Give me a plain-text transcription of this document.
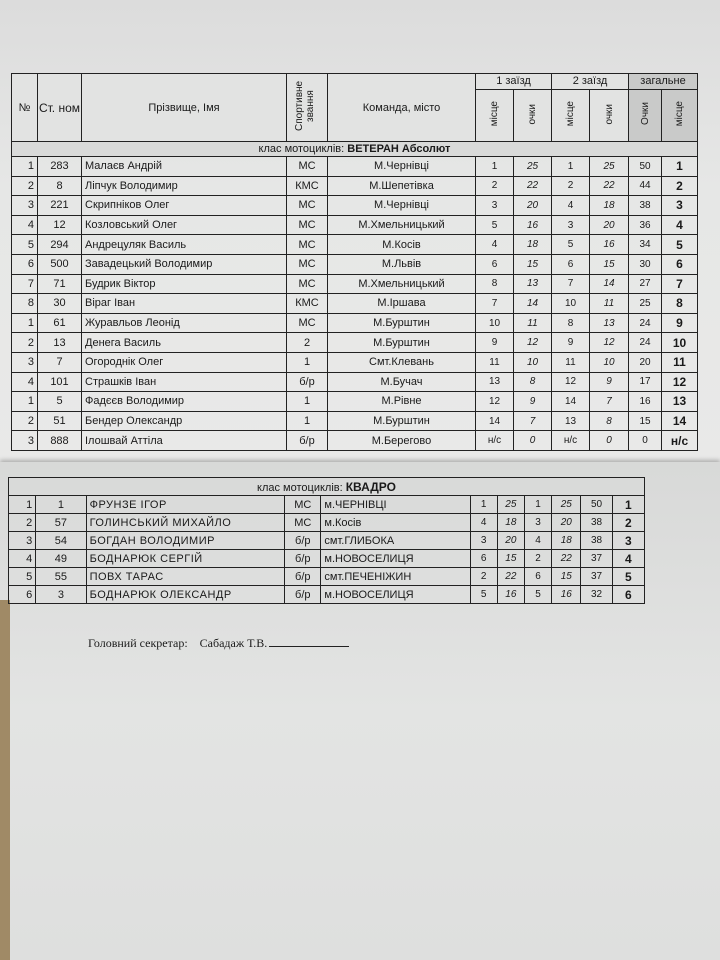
№	Ст. ном	Прізвище, Імя	Спортивне звання	Команда, місто	1 заїзд		2 заїзд		загальне	
					місце	очки	місце	очки	Очки	місце
клас мотоциклів: ВЕТЕРАН Абсолют										
1	283	Малаєв Андрій	МС	М.Чернівці	1	25	1	25	50	1
2	8	Ліпчук Володимир	КМС	М.Шепетівка	2	22	2	22	44	2
3	221	Скрипніков Олег	МС	М.Чернівці	3	20	4	18	38	3
4	12	Козловський Олег	МС	М.Хмельницький	5	16	3	20	36	4
5	294	Андрецуляк Василь	МС	М.Косів	4	18	5	16	34	5
6	500	Завадецький Володимир	МС	М.Львів	6	15	6	15	30	6
7	71	Будрик Віктор	МС	М.Хмельницький	8	13	7	14	27	7
8	30	Віраг Іван	КМС	М.Іршава	7	14	10	11	25	8
1	61	Журавльов Леонід	МС	М.Бурштин	10	11	8	13	24	9
2	13	Денега Василь	2	М.Бурштин	9	12	9	12	24	10
3	7	Огороднік Олег	1	Смт.Клевань	11	10	11	10	20	11
4	101	Страшків Іван	б/р	М.Бучач	13	8	12	9	17	12
1	5	Фадєєв Володимир	1	М.Рівне	12	9	14	7	16	13
2	51	Бендер Олександр	1	М.Бурштин	14	7	13	8	15	14
3	888	Ілошвай Аттіла	б/р	М.Берегово	н/с	0	н/с	0	0	н/с
клас мотоциклів: КВАДРО										
1	1	ФРУНЗЕ ІГОР	МС	м.ЧЕРНІВЦІ	1	25	1	25	50	1
2	57	ГОЛИНСЬКИЙ МИХАЙЛО	МС	м.Косів	4	18	3	20	38	2
3	54	БОГДАН ВОЛОДИМИР	б/р	смт.ГЛИБОКА	3	20	4	18	38	3
4	49	БОДНАРЮК СЕРГІЙ	б/р	м.НОВОСЕЛИЦЯ	6	15	2	22	37	4
5	55	ПОВХ ТАРАС	б/р	смт.ПЕЧЕНІЖИН	2	22	6	15	37	5
6	3	БОДНАРЮК ОЛЕКСАНДР	б/р	м.НОВОСЕЛИЦЯ	5	16	5	16	32	6
Головний секретар: Сабадаж Т.В.
